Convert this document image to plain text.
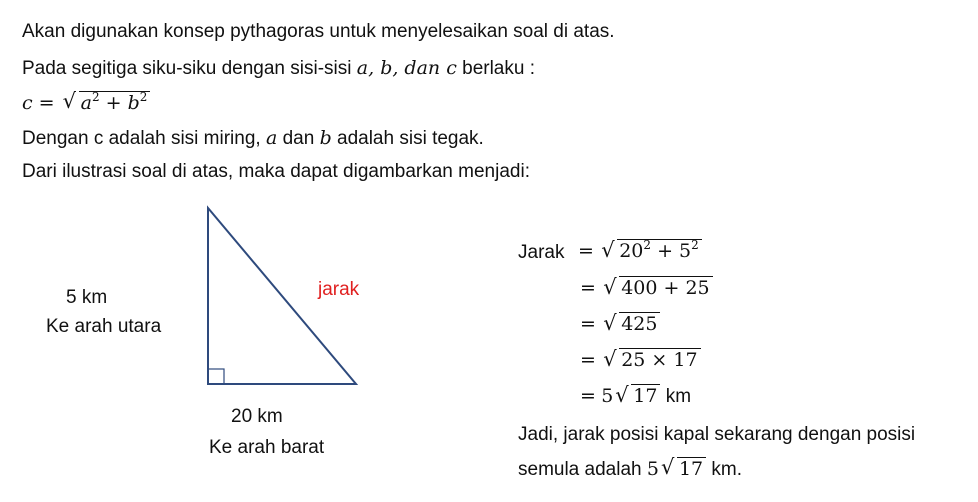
Akan digunakan konsep pythagoras untuk menyelesaikan soal di atas.
Pada segitiga siku-siku dengan sisi-sisi a, b, dan c berlaku :
c = √ $a^2 + b^2$
Dengan c adalah sisi miring, a dan b adalah sisi tegak.
Dari ilustrasi soal di atas, maka dapat digambarkan menjadi:
5 km
Ke arah utara
jarak
20 km
Ke arah barat
Jarak = √ $20^2 + 5^2$
= √ 400 + 25
= √ 425
= √ 25 × 17
= 5 √ 17 km
Jadi, jarak posisi kapal sekarang dengan posisi
semula adalah 5 √ 17 km.
